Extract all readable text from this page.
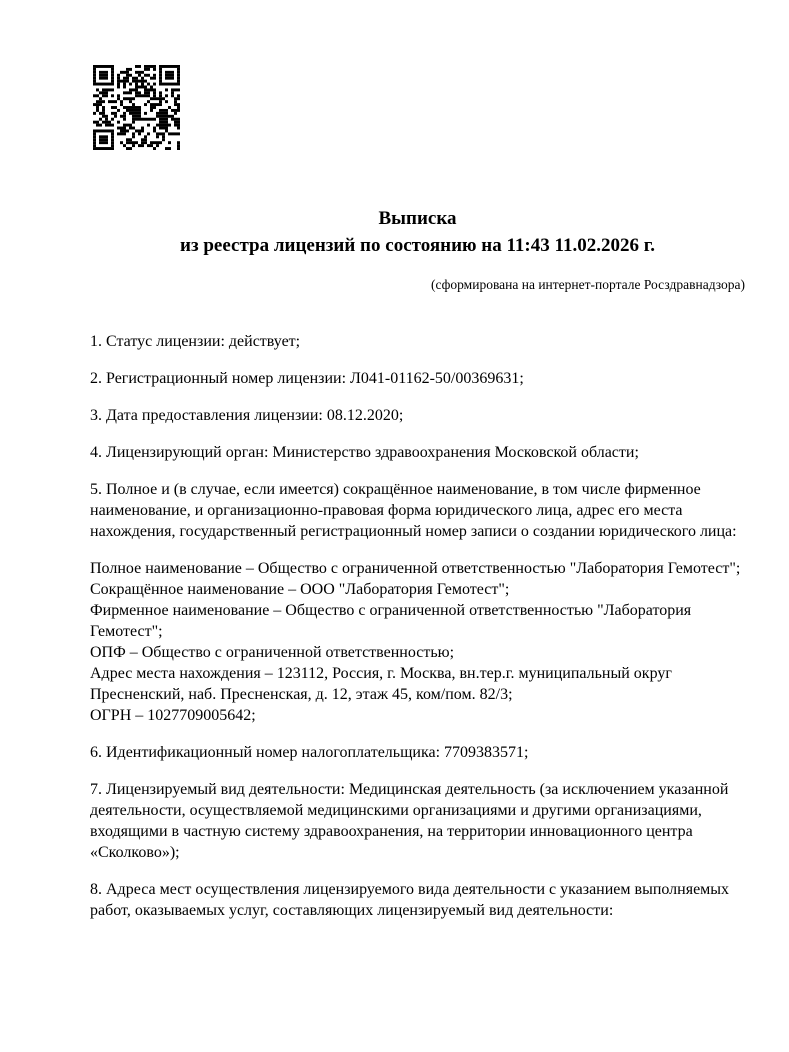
Выписка
из реестра лицензий по состоянию на 11:43 11.02.2026 г.
(сформирована на интернет-портале Росздравнадзора)

1. Статус лицензии: действует;

2. Регистрационный номер лицензии: Л041-01162-50/00369631;

3. Дата предоставления лицензии: 08.12.2020;

4. Лицензирующий орган: Министерство здравоохранения Московской области;

5. Полное и (в случае, если имеется) сокращённое наименование, в том числе фирменное наименование, и организационно-правовая форма юридического лица, адрес его места нахождения, государственный регистрационный номер записи о создании юридического лица:

Полное наименование – Общество с ограниченной ответственностью "Лаборатория Гемотест";
Сокращённое наименование – ООО "Лаборатория Гемотест";
Фирменное наименование – Общество с ограниченной ответственностью "Лаборатория Гемотест";
ОПФ – Общество с ограниченной ответственностью;
Адрес места нахождения – 123112, Россия, г. Москва, вн.тер.г. муниципальный округ Пресненский, наб. Пресненская, д. 12, этаж 45, ком/пом. 82/3;
ОГРН – 1027709005642;

6. Идентификационный номер налогоплательщика: 7709383571;

7. Лицензируемый вид деятельности: Медицинская деятельность (за исключением указанной деятельности, осуществляемой медицинскими организациями и другими организациями, входящими в частную систему здравоохранения, на территории инновационного центра «Сколково»);

8. Адреса мест осуществления лицензируемого вида деятельности с указанием выполняемых работ, оказываемых услуг, составляющих лицензируемый вид деятельности:
